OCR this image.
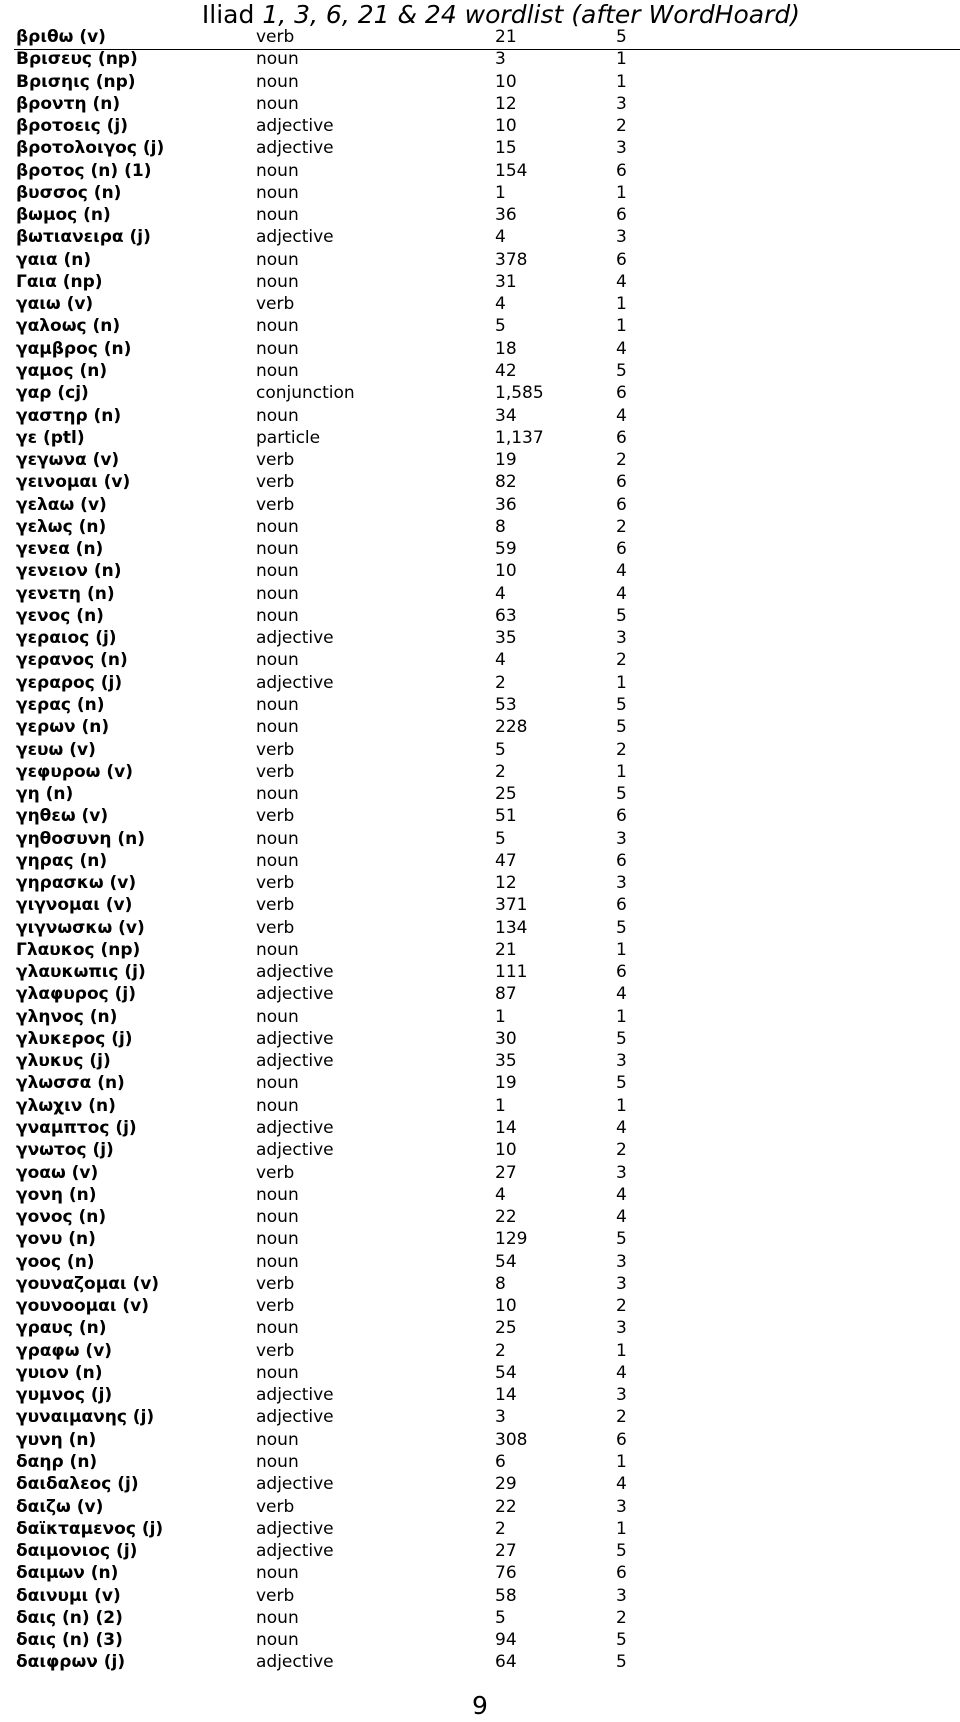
Iliad 1, 3, 6, 21 & 24 wordlist (after WordHoard)
βριθω (v)	verb	21	5
Βρισευς (np)	noun	3	1
Βρισηις (np)	noun	10	1
βροντη (n)	noun	12	3
βροτοεις (j)	adjective	10	2
βροτολοιγος (j)	adjective	15	3
βροτος (n) (1)	noun	154	6
βυσσος (n)	noun	1	1
βωμος (n)	noun	36	6
βωτιανειρα (j)	adjective	4	3
γαια (n)	noun	378	6
Γαια (np)	noun	31	4
γαιω (v)	verb	4	1
γαλοως (n)	noun	5	1
γαμβρος (n)	noun	18	4
γαμος (n)	noun	42	5
γαρ (cj)	conjunction	1,585	6
γαστηρ (n)	noun	34	4
γε (ptl)	particle	1,137	6
γεγωνα (v)	verb	19	2
γεινομαι (v)	verb	82	6
γελαω (v)	verb	36	6
γελως (n)	noun	8	2
γενεα (n)	noun	59	6
γενειον (n)	noun	10	4
γενετη (n)	noun	4	4
γενος (n)	noun	63	5
γεραιος (j)	adjective	35	3
γερανος (n)	noun	4	2
γεραρος (j)	adjective	2	1
γερας (n)	noun	53	5
γερων (n)	noun	228	5
γευω (v)	verb	5	2
γεφυροω (v)	verb	2	1
γη (n)	noun	25	5
γηθεω (v)	verb	51	6
γηθοσυνη (n)	noun	5	3
γηρας (n)	noun	47	6
γηρασκω (v)	verb	12	3
γιγνομαι (v)	verb	371	6
γιγνωσκω (v)	verb	134	5
Γλαυκος (np)	noun	21	1
γλαυκωπις (j)	adjective	111	6
γλαφυρος (j)	adjective	87	4
γληνος (n)	noun	1	1
γλυκερος (j)	adjective	30	5
γλυκυς (j)	adjective	35	3
γλωσσα (n)	noun	19	5
γλωχιν (n)	noun	1	1
γναμπτος (j)	adjective	14	4
γνωτος (j)	adjective	10	2
γοαω (v)	verb	27	3
γονη (n)	noun	4	4
γονος (n)	noun	22	4
γονυ (n)	noun	129	5
γοος (n)	noun	54	3
γουναζομαι (v)	verb	8	3
γουνοομαι (v)	verb	10	2
γραυς (n)	noun	25	3
γραφω (v)	verb	2	1
γυιον (n)	noun	54	4
γυμνος (j)	adjective	14	3
γυναιμανης (j)	adjective	3	2
γυνη (n)	noun	308	6
δαηρ (n)	noun	6	1
δαιδαλεος (j)	adjective	29	4
δαιζω (v)	verb	22	3
δαϊκταμενος (j)	adjective	2	1
δαιμονιος (j)	adjective	27	5
δαιμων (n)	noun	76	6
δαινυμι (v)	verb	58	3
δαις (n) (2)	noun	5	2
δαις (n) (3)	noun	94	5
δαιφρων (j)	adjective	64	5
9
